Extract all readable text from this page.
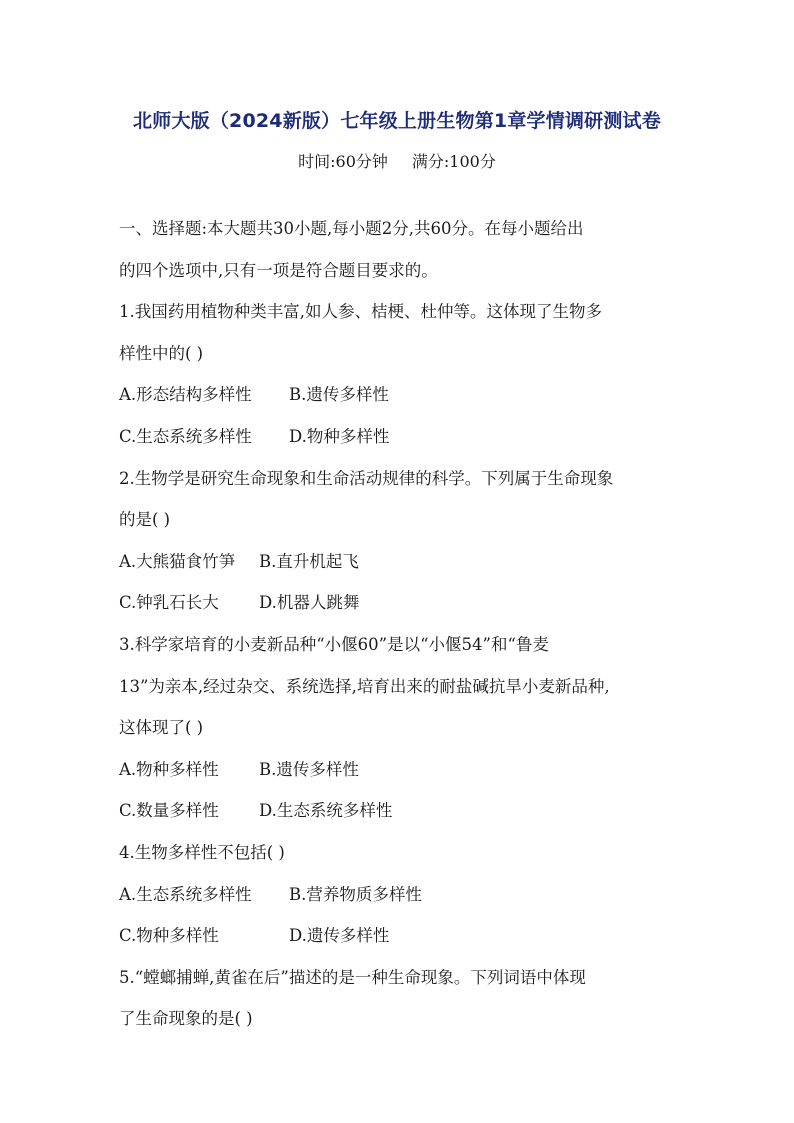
北师大版（2024新版）七年级上册生物第1章学情调研测试卷
时间:60分钟 满分:100分
一、选择题:本大题共30小题,每小题2分,共60分。在每小题给出
的四个选项中,只有一项是符合题目要求的。
1.我国药用植物种类丰富,如人参、桔梗、杜仲等。这体现了生物多
样性中的( )
A.形态结构多样性 B.遗传多样性
C.生态系统多样性 D.物种多样性
2.生物学是研究生命现象和生命活动规律的科学。下列属于生命现象
的是( )
A.大熊猫食竹笋 B.直升机起飞
C.钟乳石长大 D.机器人跳舞
3.科学家培育的小麦新品种“小偃60”是以“小偃54”和“鲁麦
13”为亲本,经过杂交、系统选择,培育出来的耐盐碱抗旱小麦新品种,
这体现了( )
A.物种多样性 B.遗传多样性
C.数量多样性 D.生态系统多样性
4.生物多样性不包括( )
A.生态系统多样性 B.营养物质多样性
C.物种多样性	D.遗传多样性
5.“螳螂捕蝉,黄雀在后”描述的是一种生命现象。下列词语中体现
了生命现象的是( )
